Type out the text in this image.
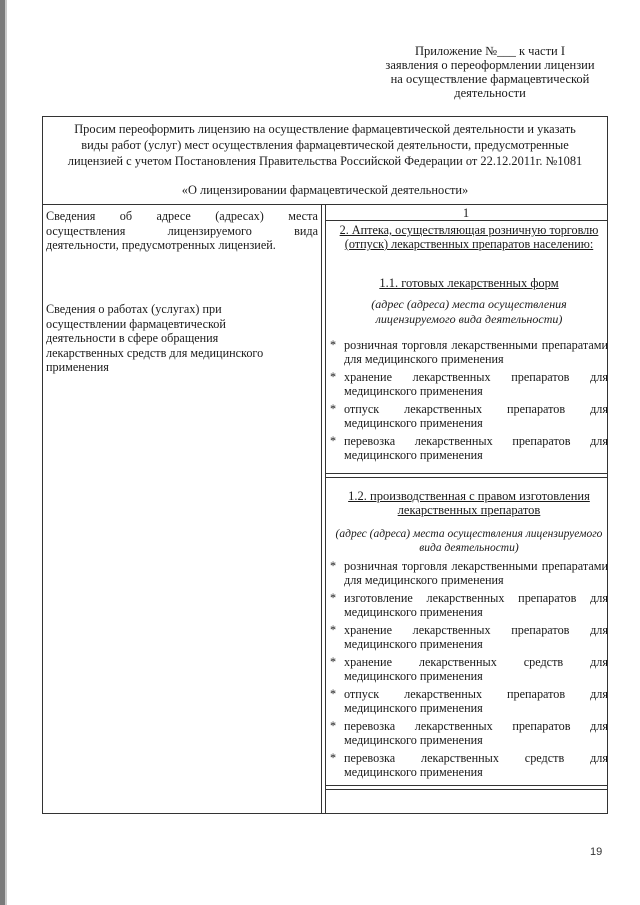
Приложение №___ к части I
заявления о переоформлении лицензии
на осуществление фармацевтической
деятельности
Просим переоформить лицензию на осуществление фармацевтической деятельности и указать
виды работ (услуг) мест осуществления фармацевтической деятельности, предусмотренные
лицензией с учетом Постановления Правительства Российской Федерации от 22.12.2011г. №1081
«О лицензировании фармацевтической деятельности»
Сведения об адресе (адресах) места
осуществления	лицензируемого	вида
деятельности, предусмотренных лицензией.
Сведения о работах (услугах) при осуществлении фармацевтической деятельности в сфере обращения лекарственных средств для медицинского применения
1
2. Аптека, осуществляющая розничную торговлю (отпуск) лекарственных препаратов населению:
1.1. готовых лекарственных форм
(адрес (адреса) места осуществления лицензируемого вида деятельности)
* розничная торговля лекарственными препаратами для медицинского применения
* хранение лекарственных препаратов для медицинского применения
* отпуск лекарственных препаратов для медицинского применения
* перевозка лекарственных препаратов для медицинского применения
1.2. производственная с правом изготовления лекарственных препаратов
(адрес (адреса) места осуществления лицензируемого вида деятельности)
* розничная торговля лекарственными препаратами для медицинского применения
* изготовление лекарственных препаратов для медицинского применения
* хранение лекарственных препаратов для медицинского применения
* хранение лекарственных средств для медицинского применения
* отпуск лекарственных препаратов для медицинского применения
* перевозка лекарственных препаратов для медицинского применения
* перевозка лекарственных средств для медицинского применения
19
